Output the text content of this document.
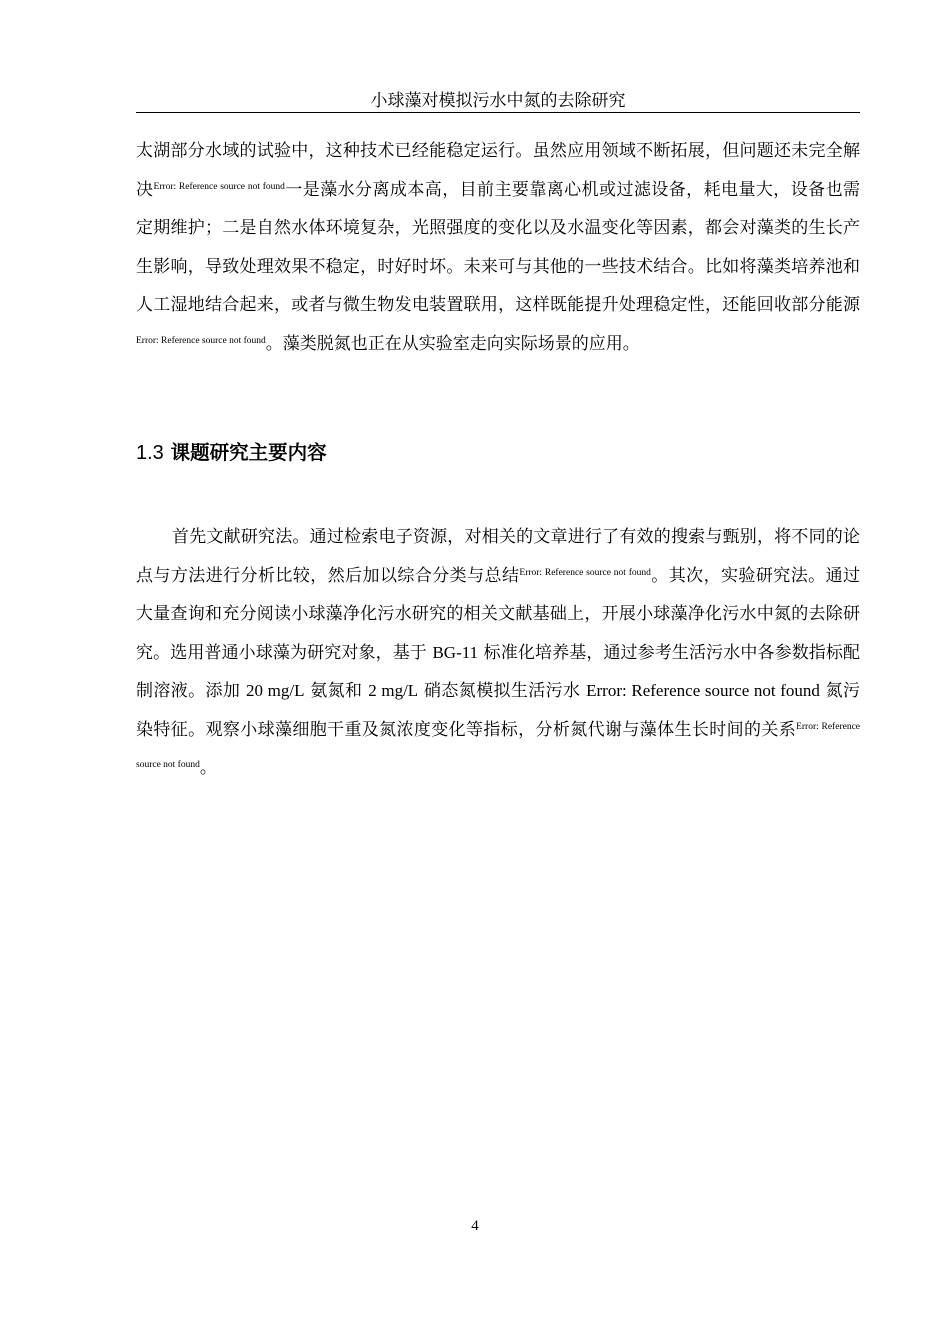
小球藻对模拟污水中氮的去除研究
太湖部分水域的试验中，这种技术已经能稳定运行。虽然应用领域不断拓展，但问题还未完全解决$^{Error: Reference source not found}$一是藻水分离成本高，目前主要靠离心机或过滤设备，耗电量大，设备也需定期维护；二是自然水体环境复杂，光照强度的变化以及水温变化等因素，都会对藻类的生长产生影响，导致处理效果不稳定，时好时坏。未来可与其他的一些技术结合。比如将藻类培养池和人工湿地结合起来，或者与微生物发电装置联用，这样既能提升处理稳定性，还能回收部分能源$^{Error: Reference source not found}$。藻类脱氮也正在从实验室走向实际场景的应用。
1.3 课题研究主要内容
首先文献研究法。通过检索电子资源，对相关的文章进行了有效的搜索与甄别，将不同的论点与方法进行分析比较，然后加以综合分类与总结$^{Error: Reference source not found}$。其次，实验研究法。通过大量查询和充分阅读小球藻净化污水研究的相关文献基础上，开展小球藻净化污水中氮的去除研究。选用普通小球藻为研究对象，基于 BG-11 标准化培养基，通过参考生活污水中各参数指标配制溶液。添加 20 mg/L 氨氮和 2 mg/L 硝态氮模拟生活污水 Error: Reference source not found 氮污染特征。观察小球藻细胞干重及氮浓度变化等指标，分析氮代谢与藻体生长时间的关系$^{Error: Reference source not found}$。
4
